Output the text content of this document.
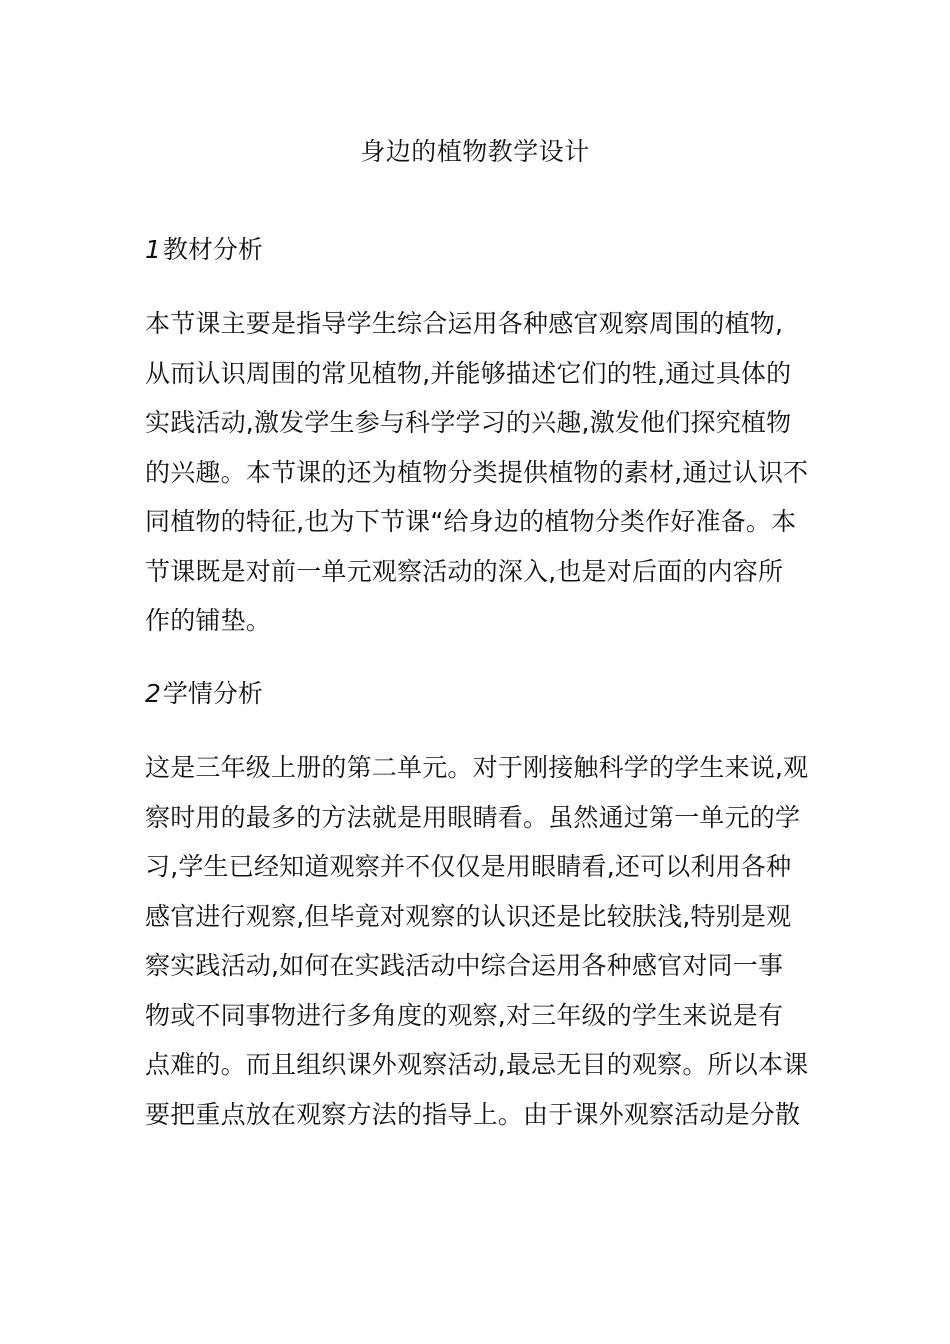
身边的植物教学设计
1教材分析

本节课主要是指导学生综合运用各种感官观察周围的植物,
从而认识周围的常见植物,并能够描述它们的牲,通过具体的
实践活动,激发学生参与科学学习的兴趣,激发他们探究植物
的兴趣。本节课的还为植物分类提供植物的素材,通过认识不
同植物的特征,也为下节课“给身边的植物分类作好准备。本
节课既是对前一单元观察活动的深入,也是对后面的内容所
作的铺垫。

2学情分析

这是三年级上册的第二单元。对于刚接触科学的学生来说,观
察时用的最多的方法就是用眼睛看。虽然通过第一单元的学
习,学生已经知道观察并不仅仅是用眼睛看,还可以利用各种
感官进行观察,但毕竟对观察的认识还是比较肤浅,特别是观
察实践活动,如何在实践活动中综合运用各种感官对同一事
物或不同事物进行多角度的观察,对三年级的学生来说是有
点难的。而且组织课外观察活动,最忌无目的观察。所以本课
要把重点放在观察方法的指导上。由于课外观察活动是分散
